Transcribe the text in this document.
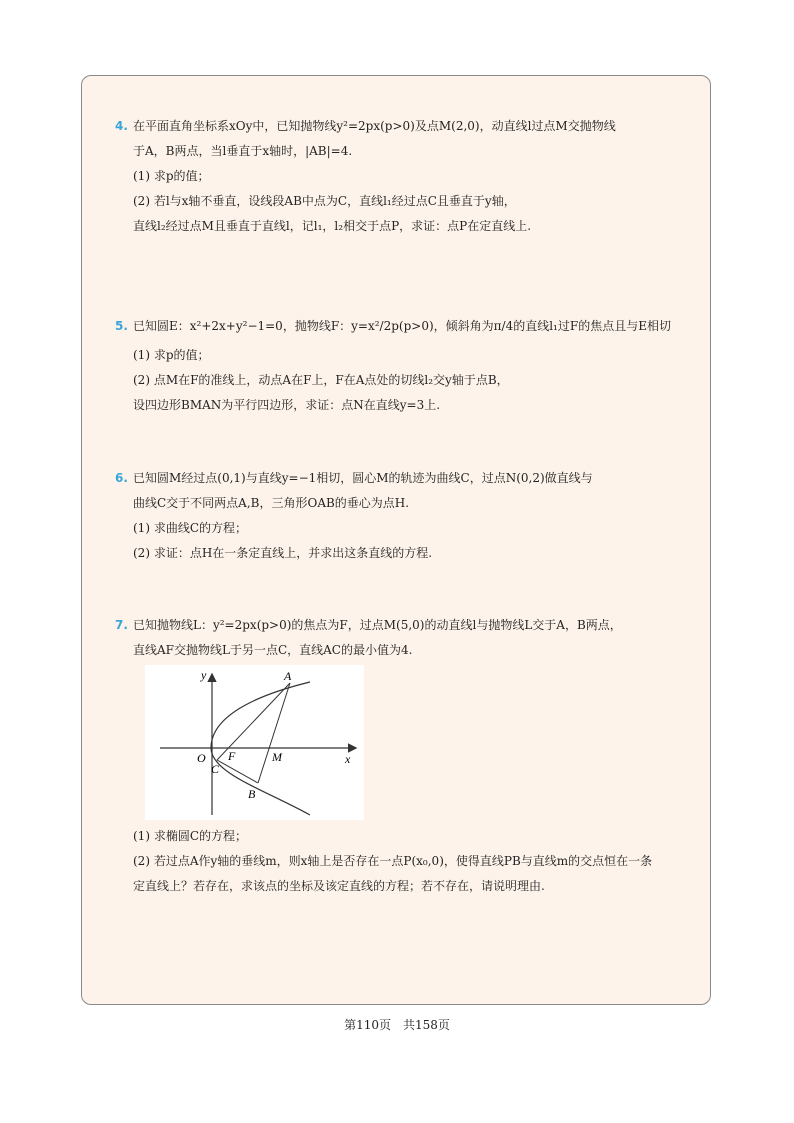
4. 在平面直角坐标系xOy中，已知抛物线y²=2px(p>0)及点M(2,0)，动直线l过点M交抛物线
于A，B两点，当l垂直于x轴时，|AB|=4.
(1) 求p的值；
(2) 若l与x轴不垂直，设线段AB中点为C，直线l₁经过点C且垂直于y轴，
直线l₂经过点M且垂直于直线l，记l₁，l₂相交于点P，求证：点P在定直线上.
5. 已知圆E：x²+2x+y²−1=0，抛物线F：y=x²/2p(p>0)，倾斜角为π/4的直线l₁过F的焦点且与E相切
(1) 求p的值；
(2) 点M在F的准线上，动点A在F上，F在A点处的切线l₂交y轴于点B，
设四边形BMAN为平行四边形，求证：点N在直线y=3上.
6. 已知圆M经过点(0,1)与直线y=−1相切，圆心M的轨迹为曲线C，过点N(0,2)做直线与
曲线C交于不同两点A,B，三角形OAB的垂心为点H.
(1) 求曲线C的方程；
(2) 求证：点H在一条定直线上，并求出这条直线的方程.
7. 已知抛物线L：y²=2px(p>0)的焦点为F，过点M(5,0)的动直线l与抛物线L交于A，B两点，
直线AF交抛物线L于另一点C，直线AC的最小值为4.
(1) 求椭圆C的方程；
(2) 若过点A作y轴的垂线m，则x轴上是否存在一点P(x₀,0)，使得直线PB与直线m的交点恒在一条
定直线上？若存在，求该点的坐标及该定直线的方程；若不存在，请说明理由.
y
x
O F	M
A
B
C
第110页　共158页
